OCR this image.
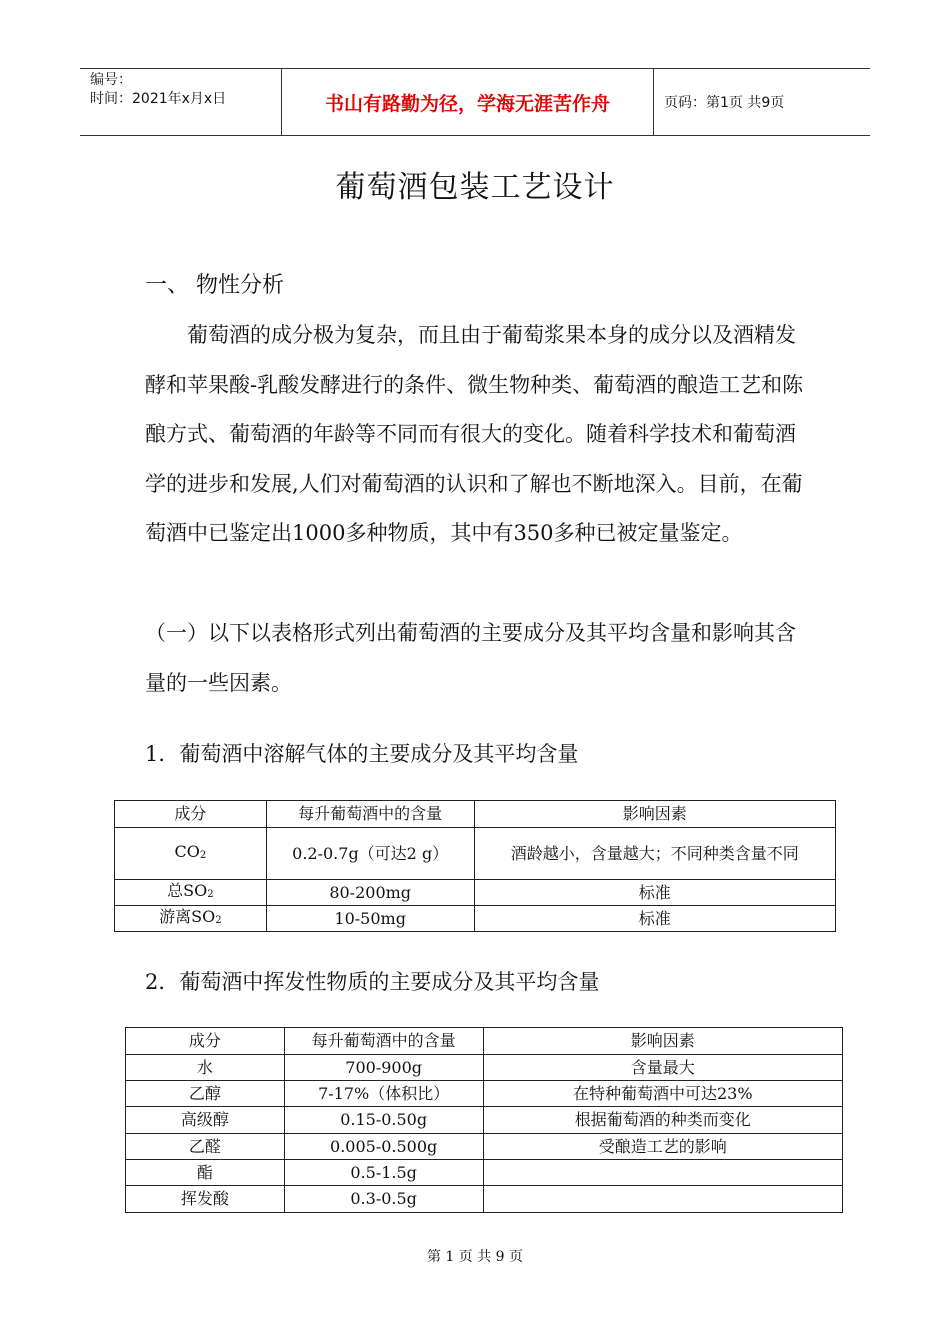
编号：
时间：2021年x月x日	书山有路勤为径，学海无涯苦作舟	页码：第1页 共9页
葡萄酒包装工艺设计
一、 物性分析
葡萄酒的成分极为复杂，而且由于葡萄浆果本身的成分以及酒精发酵和苹果酸-乳酸发酵进行的条件、微生物种类、葡萄酒的酿造工艺和陈酿方式、葡萄酒的年龄等不同而有很大的变化。随着科学技术和葡萄酒学的进步和发展,人们对葡萄酒的认识和了解也不断地深入。目前，在葡萄酒中已鉴定出1000多种物质，其中有350多种已被定量鉴定。
（一）以下以表格形式列出葡萄酒的主要成分及其平均含量和影响其含量的一些因素。
1．葡萄酒中溶解气体的主要成分及其平均含量
成分	每升葡萄酒中的含量	影响因素
$CO_2$	0.2-0.7g（可达2 g）	酒龄越小，含量越大；不同种类含量不同
总$SO_2$	80-200mg	标准
游离$SO_2$	10-50mg	标准
2．葡萄酒中挥发性物质的主要成分及其平均含量
成分	每升葡萄酒中的含量	影响因素
水	700-900g	含量最大
乙醇	7-17%（体积比）	在特种葡萄酒中可达23%
高级醇	0.15-0.50g	根据葡萄酒的种类而变化
乙醛	0.005-0.500g	受酿造工艺的影响
酯	0.5-1.5g	
挥发酸	0.3-0.5g	
第 1 页 共 9 页
